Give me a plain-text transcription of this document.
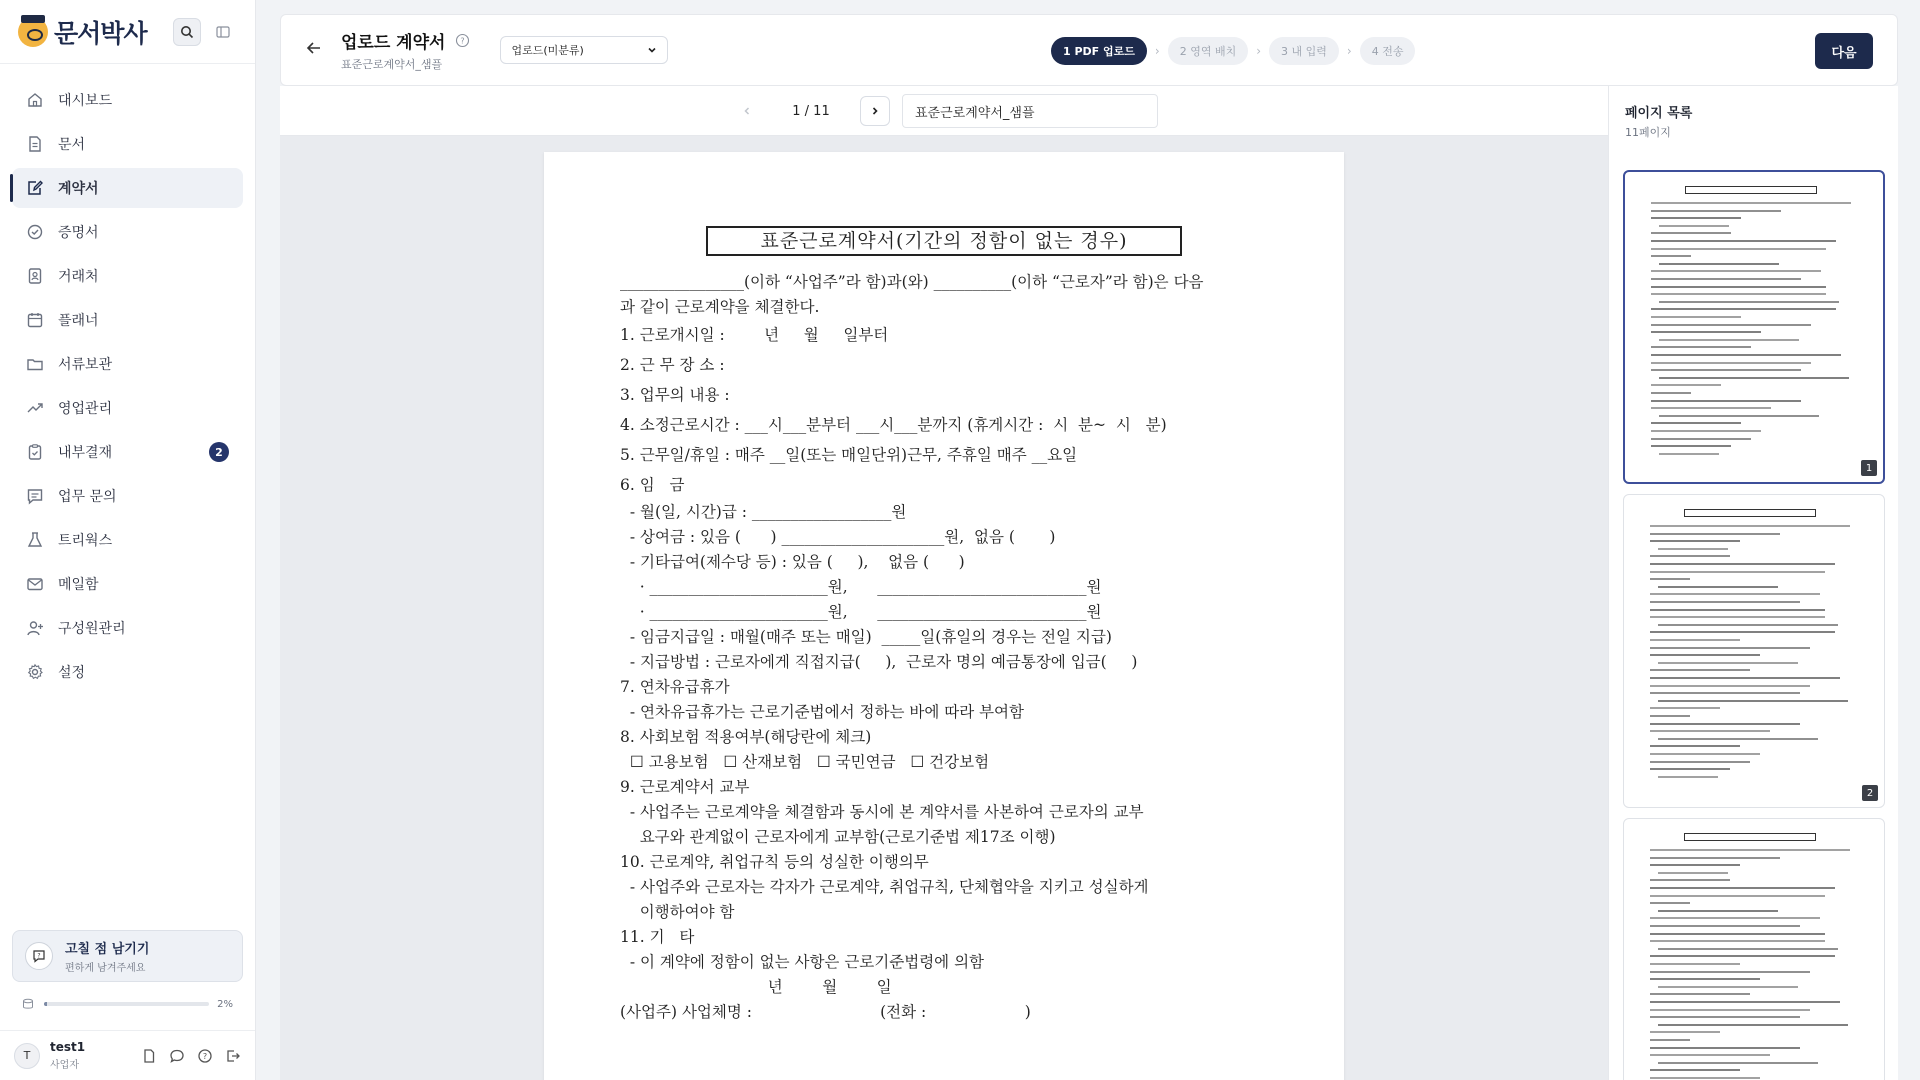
문서박사
대시보드
문서
계약서
증명서
거래처
플래너
서류보관
영업관리
내부결재	2
업무 문의
트리웍스
메일함
구성원관리
설정
? 고칠 점 남기기
편하게 남겨주세요
2%
T
test1
사업자
?
업로드 계약서 ?
표준근로계약서_샘플
업로드(미분류)	1 PDF 업로드	›	2 영역 배치	›	3 내 입력	›	4 전송	다음
1 / 11
표준근로계약서_샘플
표준근로계약서(기간의 정함이 없는 경우)
________________(이하 “사업주”라 함)과(와) __________(이하 “근로자”라 함)은 다음
과 같이 근로계약을 체결한다.
1. 근로개시일 :        년     월     일부터
2. 근 무 장 소 :
3. 업무의 내용 :
4. 소정근로시간 : ___시___분부터 ___시___분까지 (휴게시간 :  시  분~  시   분)
5. 근무일/휴일 : 매주 __일(또는 매일단위)근무, 주휴일 매주 __요일
6. 임   금
- 월(일, 시간)급 : __________________원
- 상여금 : 있음 (      ) _____________________원,  없음 (       )
- 기타급여(제수당 등) : 있음 (     ),    없음 (      )
· _______________________원,      ___________________________원
· _______________________원,      ___________________________원
- 임금지급일 : 매월(매주 또는 매일)  _____일(휴일의 경우는 전일 지급)
- 지급방법 : 근로자에게 직접지급(     ),  근로자 명의 예금통장에 입금(     )
7. 연차유급휴가
- 연차유급휴가는 근로기준법에서 정하는 바에 따라 부여함
8. 사회보험 적용여부(해당란에 체크)
☐ 고용보험   ☐ 산재보험   ☐ 국민연금   ☐ 건강보험
9. 근로계약서 교부
- 사업주는 근로계약을 체결함과 동시에 본 계약서를 사본하여 근로자의 교부
요구와 관계없이 근로자에게 교부함(근로기준법 제17조 이행)
10. 근로계약, 취업규칙 등의 성실한 이행의무
- 사업주와 근로자는 각자가 근로계약, 취업규칙, 단체협약을 지키고 성실하게
이행하여야 함
11. 기   타
- 이 계약에 정함이 없는 사항은 근로기준법령에 의함
년        월        일
(사업주) 사업체명 :                          (전화 :                    )
페이지 목록
11페이지
1
2
